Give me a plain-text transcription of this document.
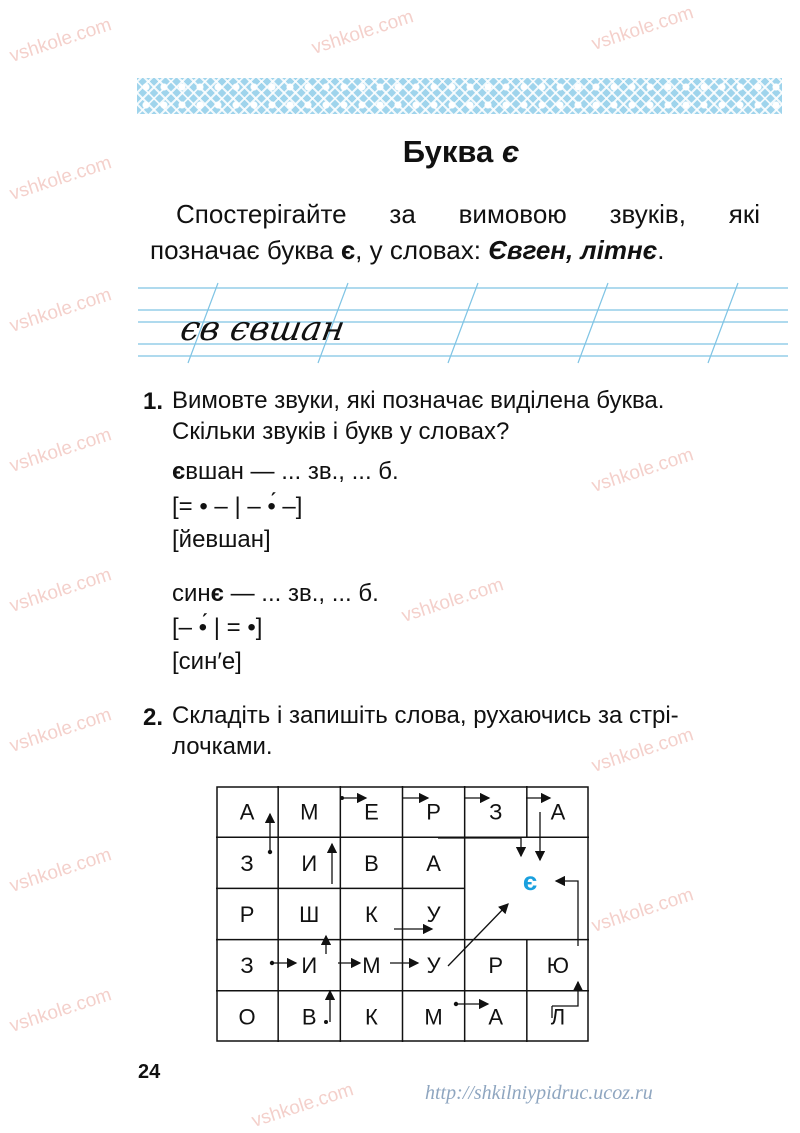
vshkole.com	vshkole.com	vshkole.com
vshkole.com
vshkole.com
vshkole.com	vshkole.com
vshkole.com	vshkole.com
vshkole.com	vshkole.com
vshkole.com
vshkole.com
vshkole.com
vshkole.com
Буква є

Спостерігайте за вимовою звуків, які
позначає буква є, у словах: Євген, літнє.

єв євшан
1. Вимовте звуки, які позначає виділена буква.
Скільки звуків і букв у словах?
євшан — ... зв., ... б.
[= • – | – •́ –]
[йевшан]
синє — ... зв., ... б.
[– •́ | = •]
[син′е]
2. Складіть і запишіть слова, рухаючись за стрі-
лочками.
А М Е Р З А
З И В А
Р Ш К У
З И М У Р Ю
О В К М А Л
є
24
http://shkilniypidruc.ucoz.ru
